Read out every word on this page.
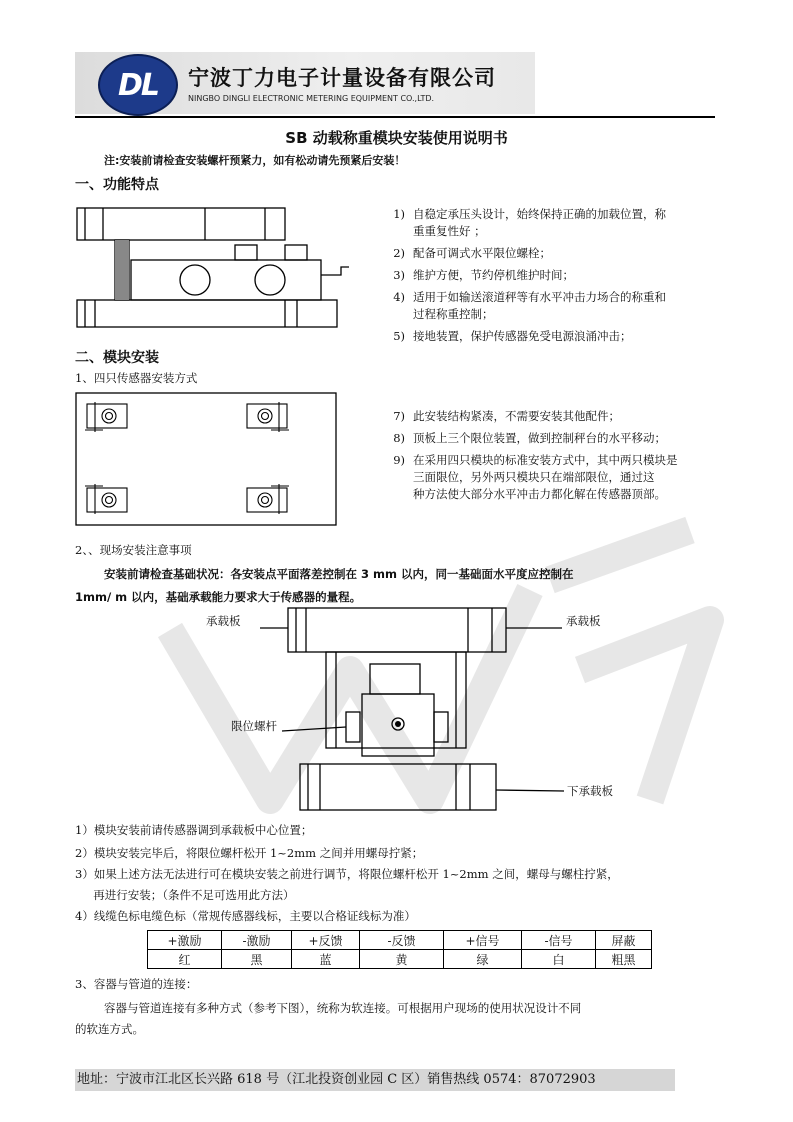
DL 宁波丁力电子计量设备有限公司
NINGBO DINGLI ELECTRONIC METERING EQUIPMENT CO.,LTD.
SB 动载称重模块安装使用说明书
注:安装前请检查安装螺杆预紧力，如有松动请先预紧后安装！
一、功能特点
1) 自稳定承压头设计，始终保持正确的加载位置，称
重重复性好 ；
2) 配备可调式水平限位螺栓；
3) 维护方便，节约停机维护时间；
4) 适用于如输送滚道秤等有水平冲击力场合的称重和
过程称重控制；
5) 接地装置，保护传感器免受电源浪涌冲击；
二、模块安装
1、四只传感器安装方式
7) 此安装结构紧凑，不需要安装其他配件；
8) 顶板上三个限位装置，做到控制秤台的水平移动；
9) 在采用四只模块的标准安装方式中，其中两只模块是
三面限位，另外两只模块只在端部限位，通过这
种方法使大部分水平冲击力都化解在传感器顶部。
2、、现场安装注意事项
安装前请检查基础状况：各安装点平面落差控制在 3 mm 以内，同一基础面水平度应控制在
1mm/ m 以内，基础承载能力要求大于传感器的量程。
承载板	承载板
限位螺杆
下承载板
1）模块安装前请传感器调到承载板中心位置；
2）模块安装完毕后，将限位螺杆松开 1~2mm 之间并用螺母拧紧；
3）如果上述方法无法进行可在模块安装之前进行调节，将限位螺杆松开 1~2mm 之间，螺母与螺柱拧紧，
再进行安装；（条件不足可选用此方法）
4）线缆色标电缆色标（常规传感器线标，主要以合格证线标为准）
+激励	-激励	+反馈	-反馈	+信号	-信号	屏蔽
红	黑	蓝	黄	绿	白	粗黑
3、容器与管道的连接：
容器与管道连接有多种方式（参考下图），统称为软连接。可根据用户现场的使用状况设计不同
的软连方式。
地址：宁波市江北区长兴路 618 号（江北投资创业园 C 区）销售热线 0574：87072903
